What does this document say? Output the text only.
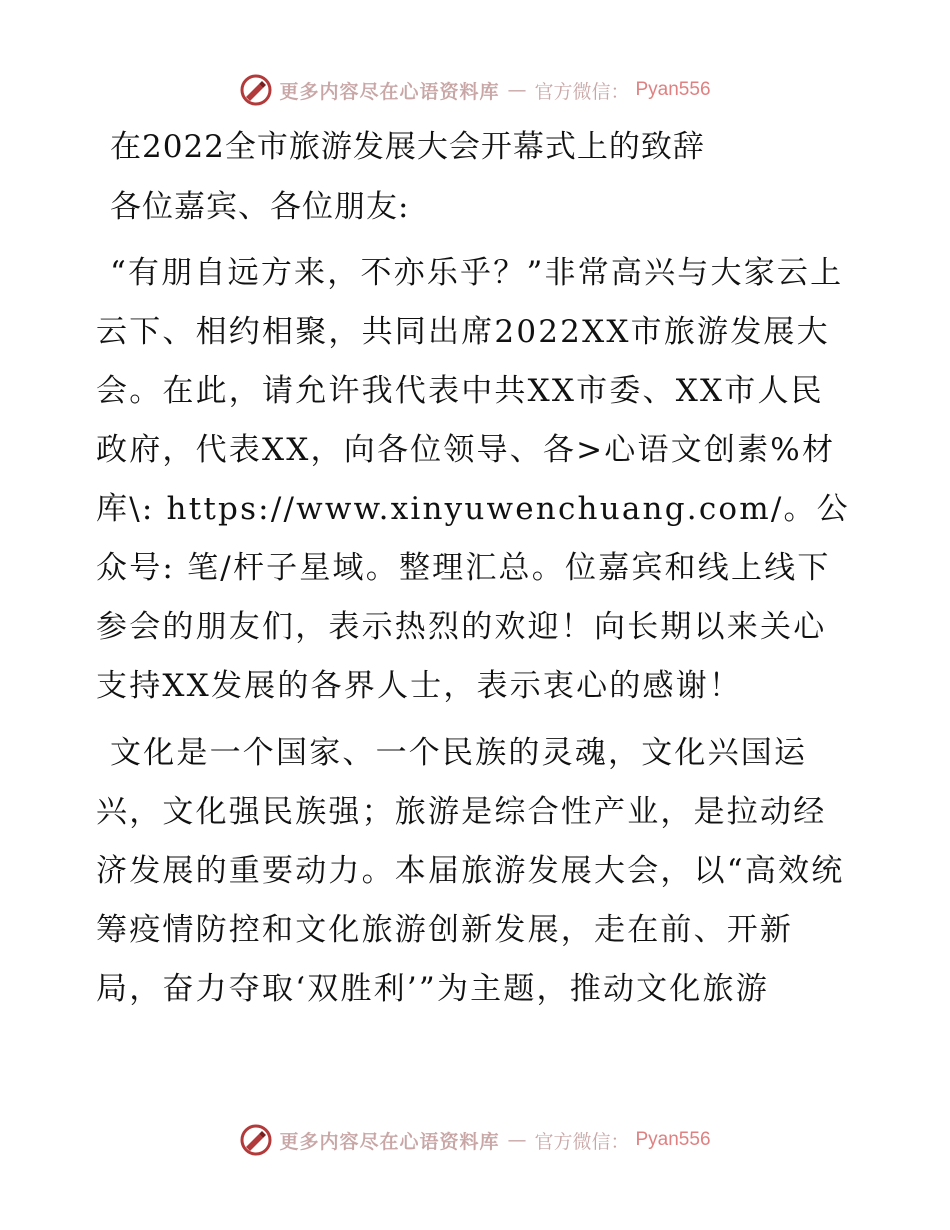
更多内容尽在心语资料库 — 官方微信： Pyan556
在2022全市旅游发展大会开幕式上的致辞

各位嘉宾、各位朋友:

“有朋自远方来，不亦乐乎？”非常高兴与大家云上云下、相约相聚，共同出席2022XX市旅游发展大会。在此，请允许我代表中共XX市委、XX市人民政府，代表XX，向各位领导、各>心语文创素%材库\: https://www.xinyuwenchuang.com/。公众号: 笔/杆子星域。整理汇总。位嘉宾和线上线下参会的朋友们，表示热烈的欢迎！向长期以来关心支持XX发展的各界人士，表示衷心的感谢！

文化是一个国家、一个民族的灵魂，文化兴国运兴，文化强民族强；旅游是综合性产业，是拉动经济发展的重要动力。本届旅游发展大会，以“高效统筹疫情防控和文化旅游创新发展，走在前、开新局，奋力夺取‘双胜利’”为主题，推动文化旅游

更多内容尽在心语资料库 — 官方微信： Pyan556
